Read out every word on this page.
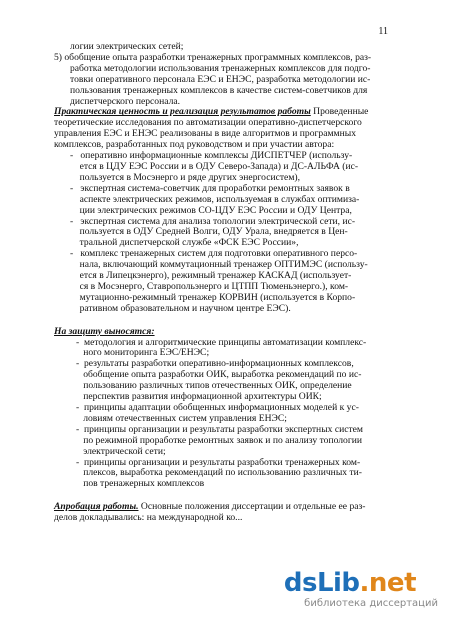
11
логии электрических сетей;
5) обобщение опыта разработки тренажерных программных комплексов, раз-
работка методологии использования тренажерных комплексов для подго-
товки оперативного персонала ЕЭС и ЕНЭС, разработка методологии ис-
пользования тренажерных комплексов в качестве систем-советчиков для
диспетчерского персонала.
Практическая ценность и реализация результатов работы Проведенные
теоретические исследования по автоматизации оперативно-диспетчерского
управления ЕЭС и ЕНЭС реализованы в виде алгоритмов и программных
комплексов, разработанных под руководством и при участии автора:
-   оперативно информационные комплексы ДИСПЕТЧЕР (использу-
ется в ЦДУ ЕЭС России и в ОДУ Северо-Запада) и ДС-АЛЬФА (ис-
пользуется в Мосэнерго и ряде других энергосистем),
-   экспертная система-советчик для проработки ремонтных заявок в
аспекте электрических режимов, используемая в службах оптимиза-
ции электрических режимов СО-ЦДУ ЕЭС России и ОДУ Центра,
-   экспертная система для анализа топологии электрической сети, ис-
пользуется в ОДУ Средней Волги, ОДУ Урала, внедряется в Цен-
тральной диспетчерской службе «ФСК ЕЭС России»,
-   комплекс тренажерных систем для подготовки оперативного персо-
нала, включающий коммутационный тренажер ОПТИМЭС (использу-
ется в Липецкэнерго), режимный тренажер КАСКАД (использует-
ся в Мосэнерго, Ставропольэнерго и ЦТПП Тюменьэнерго.), ком-
мутационно-режимный тренажер КОРВИН (используется в Корпо-
ративном образовательном и научном центре ЕЭС).
На защиту выносятся:
-  методология и алгоритмические принципы автоматизации комплекс-
ного мониторинга ЕЭС/ЕНЭС;
-  результаты разработки оперативно-информационных комплексов,
обобщение опыта разработки ОИК, выработка рекомендаций по ис-
пользованию различных типов отечественных ОИК, определение
перспектив развития информационной архитектуры ОИК;
-  принципы адаптации обобщенных информационных моделей к ус-
ловиям отечественных систем управления ЕНЭС;
-  принципы организации и результаты разработки экспертных систем
по режимной проработке ремонтных заявок и по анализу топологии
электрической сети;
-  принципы организации и результаты разработки тренажерных ком-
плексов, выработка рекомендаций по использованию различных ти-
пов тренажерных комплексов
Апробация работы. Основные положения диссертации и отдельные ее раз-
делов докладывались: на международной ко...
dsLib.net
библиотека диссертаций
